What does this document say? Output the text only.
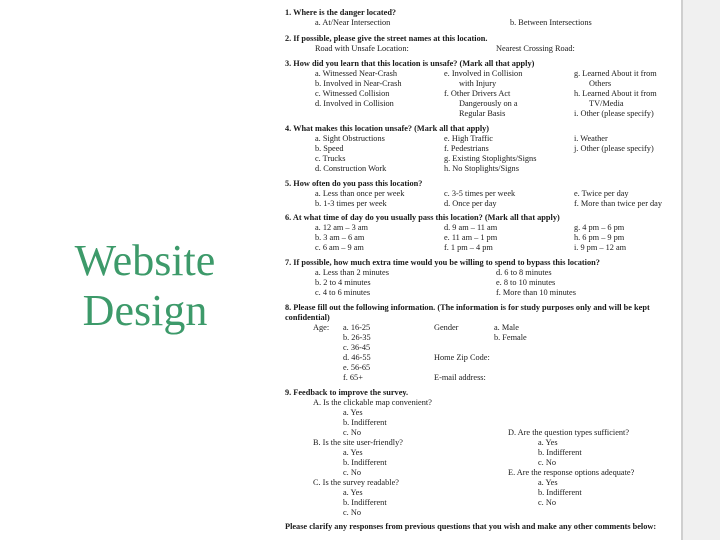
Website
Design
1. Where is the danger located?
a. At/Near Intersection	b. Between Intersections
2. If possible, please give the street names at this location.
Road with Unsafe Location:	Nearest Crossing Road:
3. How did you learn that this location is unsafe? (Mark all that apply)
a. Witnessed Near-Crash
b. Involved in Near-Crash
c. Witnessed Collision
d. Involved in Collision
e. Involved in Collision
with Injury
f. Other Drivers Act
Dangerously on a
Regular Basis
g. Learned About it from
Others
h. Learned About it from
TV/Media
i. Other (please specify)
4. What makes this location unsafe? (Mark all that apply)
a. Sight Obstructions
b. Speed
c. Trucks
d. Construction Work
e. High Traffic
f. Pedestrians
g. Existing Stoplights/Signs
h. No Stoplights/Signs
i. Weather
j. Other (please specify)
5. How often do you pass this location?
a. Less than once per week
b. 1-3 times per week
c. 3-5 times per week
d. Once per day
e. Twice per day
f. More than twice per day
6. At what time of day do you usually pass this location? (Mark all that apply)
a. 12 am – 3 am
b. 3 am – 6 am
c. 6 am – 9 am
d. 9 am – 11 am
e. 11 am – 1 pm
f. 1 pm – 4 pm
g. 4 pm – 6 pm
h. 6 pm – 9 pm
i. 9 pm – 12 am
7. If possible, how much extra time would you be willing to spend to bypass this location?
a. Less than 2 minutes
b. 2 to 4 minutes
c. 4 to 6 minutes
d. 6 to 8 minutes
e. 8 to 10 minutes
f. More than 10 minutes
8. Please fill out the following information. (The information is for study purposes only and will be kept
confidential)
Age: a. 16-25
b. 26-35
c. 36-45
d. 46-55
e. 56-65
f. 65+
Gender	a. Male
b. Female
Home Zip Code:
E-mail address:
9. Feedback to improve the survey.
A. Is the clickable map convenient?
a. Yes
b. Indifferent
c. No
B. Is the site user-friendly?
a. Yes
b. Indifferent
c. No
C. Is the survey readable?
a. Yes
b. Indifferent
c. No
D. Are the question types sufficient?
a. Yes
b. Indifferent
c. No
E. Are the response options adequate?
a. Yes
b. Indifferent
c. No
Please clarify any responses from previous questions that you wish and make any other comments below:
